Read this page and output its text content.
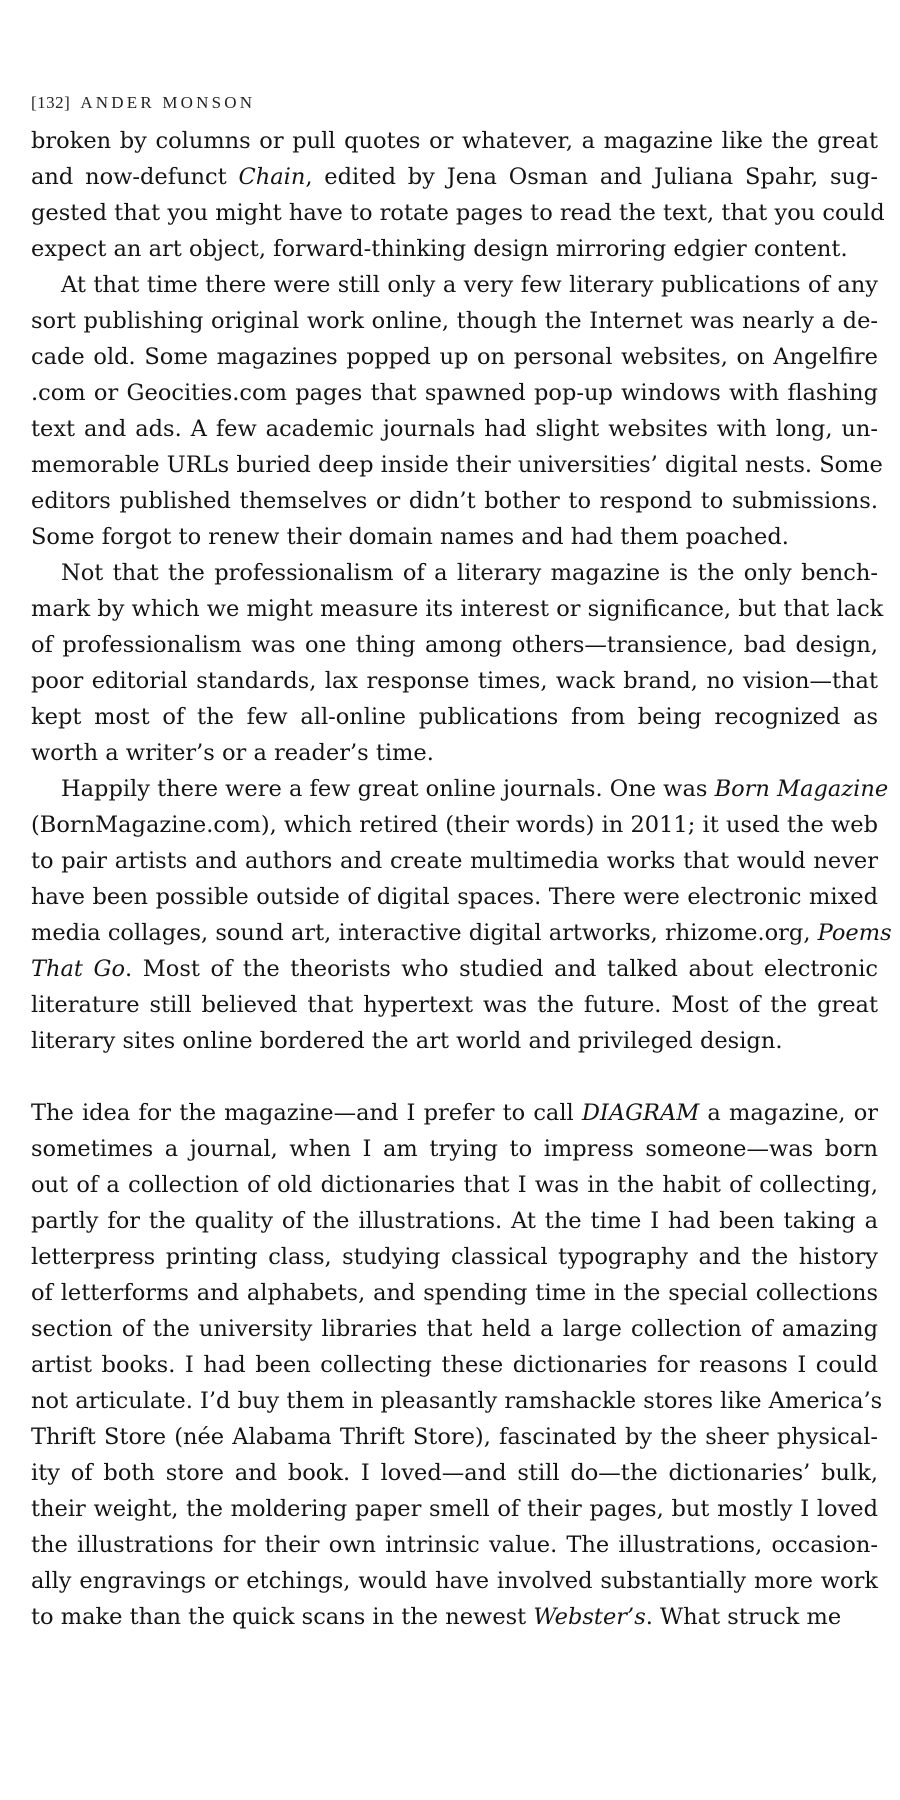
[132] ANDER MONSON
broken by columns or pull quotes or whatever, a magazine like the great
and now-defunct Chain, edited by Jena Osman and Juliana Spahr, sug-
gested that you might have to rotate pages to read the text, that you could
expect an art object, forward-thinking design mirroring edgier content.
At that time there were still only a very few literary publications of any
sort publishing original work online, though the Internet was nearly a de-
cade old. Some magazines popped up on personal websites, on Angelfire
.com or Geocities.com pages that spawned pop-up windows with flashing
text and ads. A few academic journals had slight websites with long, un-
memorable URLs buried deep inside their universities’ digital nests. Some
editors published themselves or didn’t bother to respond to submissions.
Some forgot to renew their domain names and had them poached.
Not that the professionalism of a literary magazine is the only bench-
mark by which we might measure its interest or significance, but that lack
of professionalism was one thing among others—transience, bad design,
poor editorial standards, lax response times, wack brand, no vision—that
kept most of the few all-online publications from being recognized as
worth a writer’s or a reader’s time.
Happily there were a few great online journals. One was Born Magazine
(BornMagazine.com), which retired (their words) in 2011; it used the web
to pair artists and authors and create multimedia works that would never
have been possible outside of digital spaces. There were electronic mixed
media collages, sound art, interactive digital artworks, rhizome.org, Poems
That Go. Most of the theorists who studied and talked about electronic
literature still believed that hypertext was the future. Most of the great
literary sites online bordered the art world and privileged design.
The idea for the magazine—and I prefer to call DIAGRAM a magazine, or
sometimes a journal, when I am trying to impress someone—was born
out of a collection of old dictionaries that I was in the habit of collecting,
partly for the quality of the illustrations. At the time I had been taking a
letterpress printing class, studying classical typography and the history
of letterforms and alphabets, and spending time in the special collections
section of the university libraries that held a large collection of amazing
artist books. I had been collecting these dictionaries for reasons I could
not articulate. I’d buy them in pleasantly ramshackle stores like America’s
Thrift Store (née Alabama Thrift Store), fascinated by the sheer physical-
ity of both store and book. I loved—and still do—the dictionaries’ bulk,
their weight, the moldering paper smell of their pages, but mostly I loved
the illustrations for their own intrinsic value. The illustrations, occasion-
ally engravings or etchings, would have involved substantially more work
to make than the quick scans in the newest Webster’s. What struck me
